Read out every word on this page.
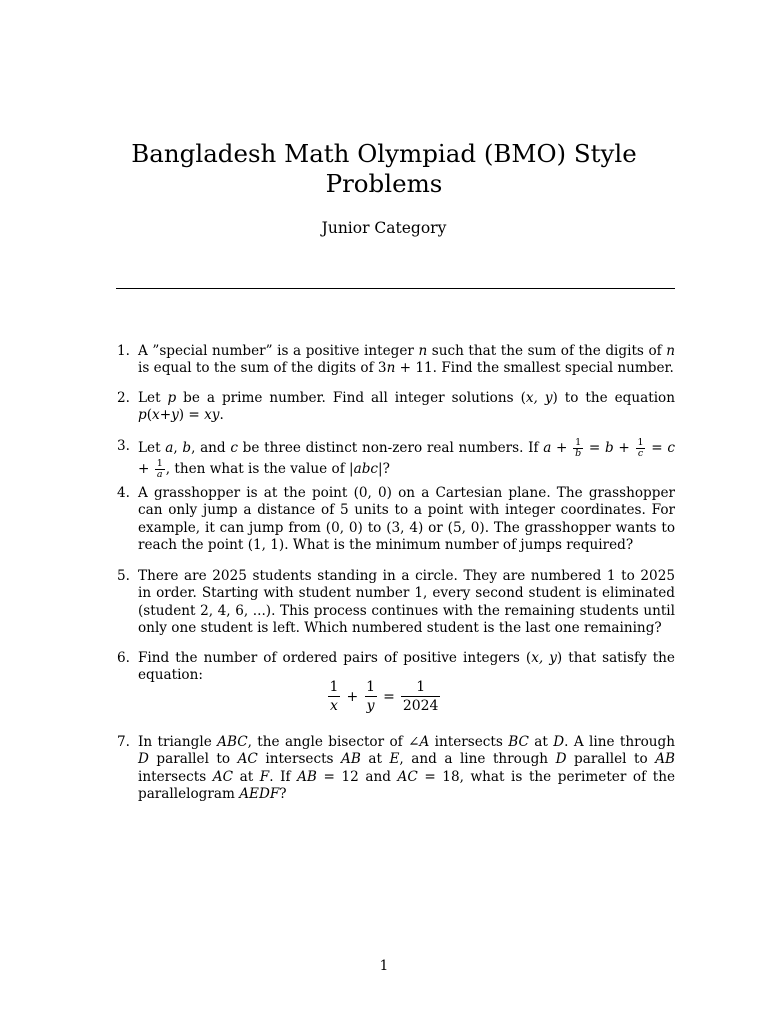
Bangladesh Math Olympiad (BMO) Style
Problems
Junior Category
1. A ”special number” is a positive integer n such that the sum of the digits of n is equal to the sum of the digits of 3n + 11. Find the smallest special number.
2. Let p be a prime number. Find all integer solutions (x, y) to the equation p(x+y) = xy.
3. Let a, b, and c be three distinct non-zero real numbers. If $a + \frac{1}{b} = b + \frac{1}{c} = c + \frac{1}{a}$ , then what is the value of |abc|?
4. A grasshopper is at the point (0, 0) on a Cartesian plane. The grasshopper can only jump a distance of 5 units to a point with integer coordinates. For example, it can jump from (0, 0) to (3, 4) or (5, 0). The grasshopper wants to reach the point (1, 1). What is the minimum number of jumps required?
5. There are 2025 students standing in a circle. They are numbered 1 to 2025 in order. Starting with student number 1, every second student is eliminated (student 2, 4, 6, ...). This process continues with the remaining students until only one student is left. Which numbered student is the last one remaining?
6. Find the number of ordered pairs of positive integers (x, y) that satisfy the equation:
$\frac{1}{x} + \frac{1}{y} = \frac{1}{2024}$
7. In triangle ABC, the angle bisector of ∠A intersects BC at D. A line through D parallel to AC intersects AB at E, and a line through D parallel to AB intersects AC at F. If AB = 12 and AC = 18, what is the perimeter of the parallelogram AEDF?
1
